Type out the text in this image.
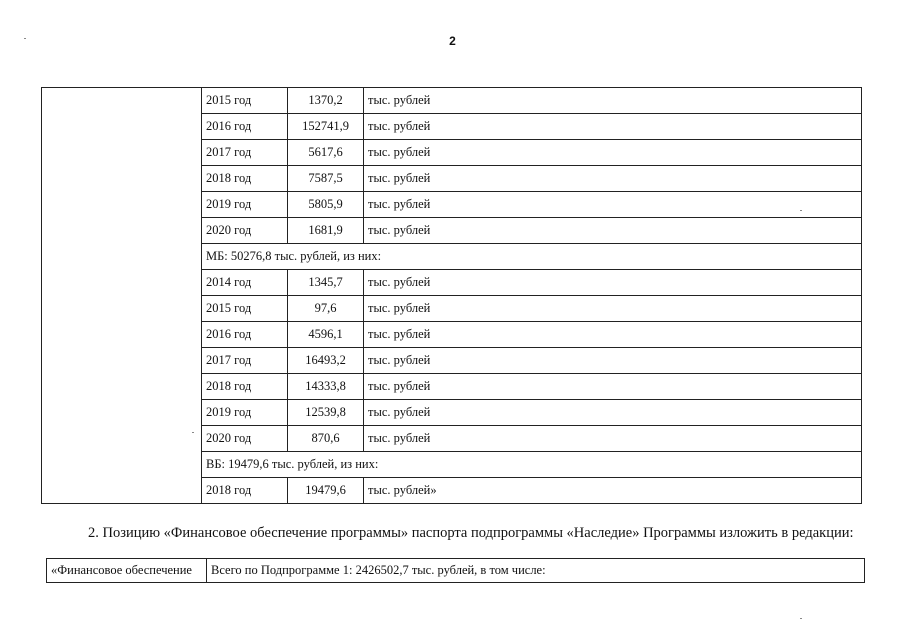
2
	2015 год	1370,2	тыс. рублей
	2016 год	152741,9	тыс. рублей
	2017 год	5617,6	тыс. рублей
	2018 год	7587,5	тыс. рублей
	2019 год	5805,9	тыс. рублей
	2020 год	1681,9	тыс. рублей
	МБ: 50276,8 тыс. рублей, из них:		
	2014 год	1345,7	тыс. рублей
	2015 год	97,6	тыс. рублей
	2016 год	4596,1	тыс. рублей
	2017 год	16493,2	тыс. рублей
	2018 год	14333,8	тыс. рублей
	2019 год	12539,8	тыс. рублей
	2020 год	870,6	тыс. рублей
	ВБ: 19479,6 тыс. рублей, из них:		
	2018 год	19479,6	тыс. рублей»
2. Позицию «Финансовое обеспечение программы» паспорта подпрограммы «Наследие» Программы изложить в редакции:
«Финансовое обеспечение	Всего по Подпрограмме 1: 2426502,7 тыс. рублей, в том числе:
